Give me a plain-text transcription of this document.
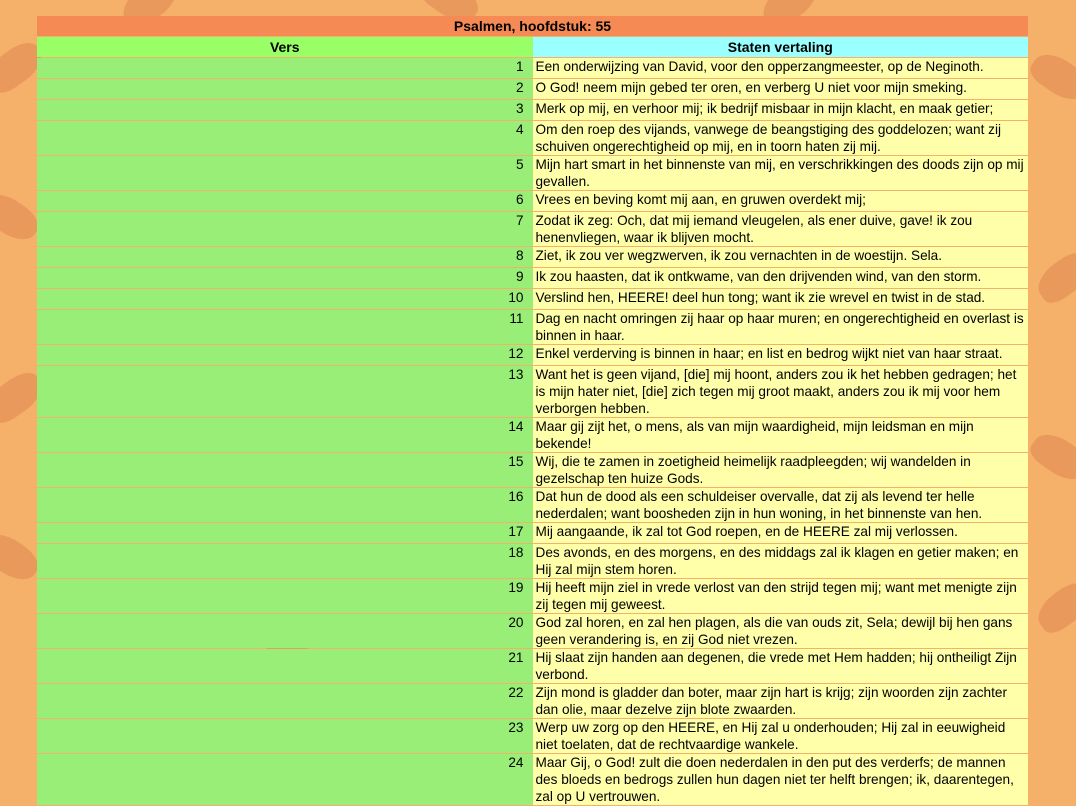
Psalmen, hoofdstuk: 55	
Vers	Staten vertaling
1	Een onderwijzing van David, voor den opperzangmeester, op de Neginoth.
2	O God! neem mijn gebed ter oren, en verberg U niet voor mijn smeking.
3	Merk op mij, en verhoor mij; ik bedrijf misbaar in mijn klacht, en maak getier;
4	Om den roep des vijands, vanwege de beangstiging des goddelozen; want zij schuiven ongerechtigheid op mij, en in toorn haten zij mij.
5	Mijn hart smart in het binnenste van mij, en verschrikkingen des doods zijn op mij gevallen.
6	Vrees en beving komt mij aan, en gruwen overdekt mij;
7	Zodat ik zeg: Och, dat mij iemand vleugelen, als ener duive, gave! ik zou henenvliegen, waar ik blijven mocht.
8	Ziet, ik zou ver wegzwerven, ik zou vernachten in de woestijn. Sela.
9	Ik zou haasten, dat ik ontkwame, van den drijvenden wind, van den storm.
10	Verslind hen, HEERE! deel hun tong; want ik zie wrevel en twist in de stad.
11	Dag en nacht omringen zij haar op haar muren; en ongerechtigheid en overlast is binnen in haar.
12	Enkel verderving is binnen in haar; en list en bedrog wijkt niet van haar straat.
13	Want het is geen vijand, [die] mij hoont, anders zou ik het hebben gedragen; het is mijn hater niet, [die] zich tegen mij groot maakt, anders zou ik mij voor hem verborgen hebben.
14	Maar gij zijt het, o mens, als van mijn waardigheid, mijn leidsman en mijn bekende!
15	Wij, die te zamen in zoetigheid heimelijk raadpleegden; wij wandelden in gezelschap ten huize Gods.
16	Dat hun de dood als een schuldeiser overvalle, dat zij als levend ter helle nederdalen; want boosheden zijn in hun woning, in het binnenste van hen.
17	Mij aangaande, ik zal tot God roepen, en de HEERE zal mij verlossen.
18	Des avonds, en des morgens, en des middags zal ik klagen en getier maken; en Hij zal mijn stem horen.
19	Hij heeft mijn ziel in vrede verlost van den strijd tegen mij; want met menigte zijn zij tegen mij geweest.
20	God zal horen, en zal hen plagen, als die van ouds zit, Sela; dewijl bij hen gans geen verandering is, en zij God niet vrezen.
21	Hij slaat zijn handen aan degenen, die vrede met Hem hadden; hij ontheiligt Zijn verbond.
22	Zijn mond is gladder dan boter, maar zijn hart is krijg; zijn woorden zijn zachter dan olie, maar dezelve zijn blote zwaarden.
23	Werp uw zorg op den HEERE, en Hij zal u onderhouden; Hij zal in eeuwigheid niet toelaten, dat de rechtvaardige wankele.
24	Maar Gij, o God! zult die doen nederdalen in den put des verderfs; de mannen des bloeds en bedrogs zullen hun dagen niet ter helft brengen; ik, daarentegen, zal op U vertrouwen.
